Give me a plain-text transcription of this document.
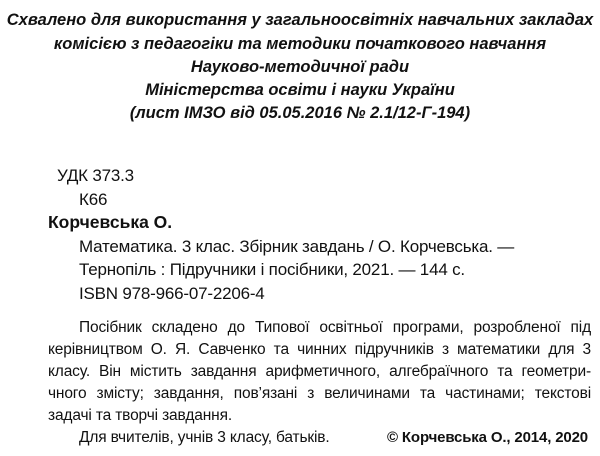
Схвалено для використання у загальноосвітніх навчальних закладах
комісією з педагогіки та методики початкового навчання
Науково-методичної ради
Міністерства освіти і науки України
(лист ІМЗО від 05.05.2016 № 2.1/12-Г-194)
УДК 373.3
К66
Корчевська О.
Математика. 3 клас. Збірник завдань / О. Корчевська. —
Тернопіль : Підручники і посібники, 2021. — 144 с.
ISBN 978-966-07-2206-4
Посібник складено до Типової освітньої програми, розробленої під
керівництвом О. Я. Савченко та чинних підручників з математики для 3
класу. Він містить завдання арифметичного, алгебраїчного та геометри-
чного змісту; завдання, пов’язані з величинами та частинами; текстові
задачі та творчі завдання.
Для вчителів, учнів 3 класу, батьків.	© Корчевська О., 2014, 2020
